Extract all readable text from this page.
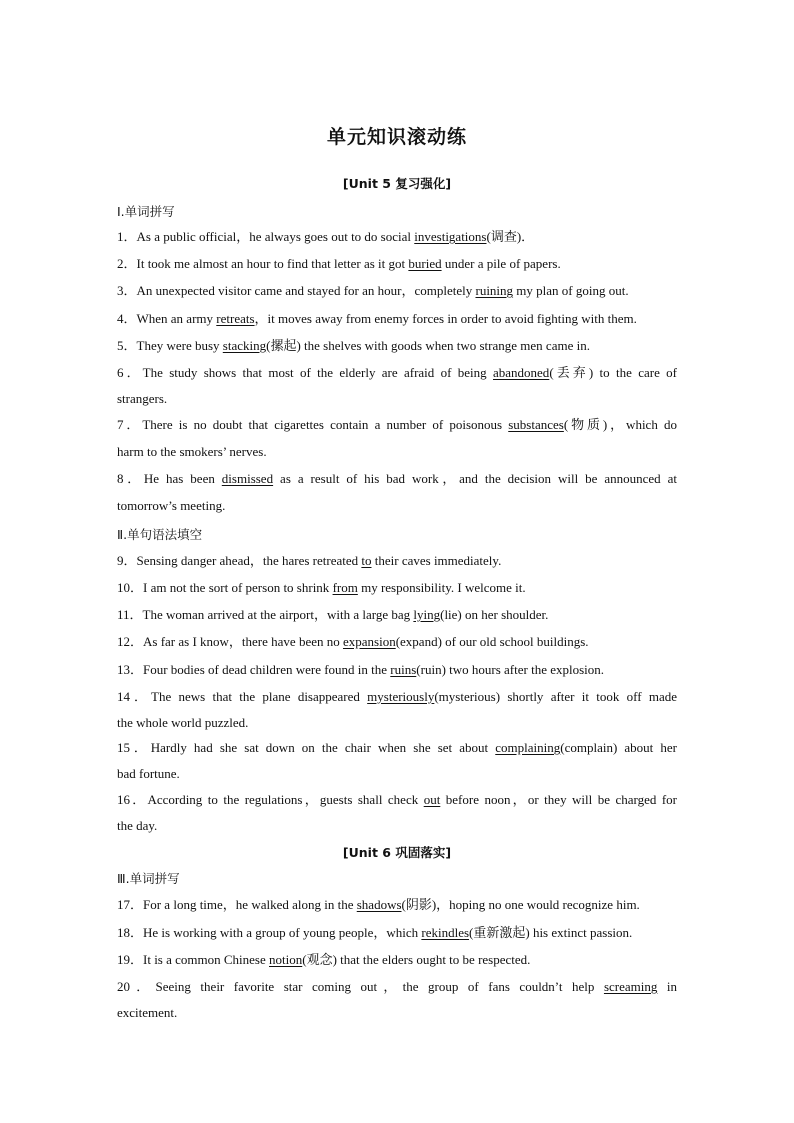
单元知识滚动练
[Unit 5 复习强化]
Ⅰ.单词拼写
1．As a public official，he always goes out to do social investigations(调查)．
2．It took me almost an hour to find that letter as it got buried under a pile of papers.
3．An unexpected visitor came and stayed for an hour，completely ruining my plan of going out.
4．When an army retreats，it moves away from enemy forces in order to avoid fighting with them.
5．They were busy stacking(摞起) the shelves with goods when two strange men came in.
6．The study shows that most of the elderly are afraid of being abandoned(丢弃) to the care of
strangers.
7．There is no doubt that cigarettes contain a number of poisonous substances(物质)，which do
harm to the smokers’ nerves.
8．He has been dismissed as a result of his bad work，and the decision will be announced at
tomorrow’s meeting.
Ⅱ.单句语法填空
9．Sensing danger ahead，the hares retreated to their caves immediately.
10．I am not the sort of person to shrink from my responsibility. I welcome it.
11．The woman arrived at the airport，with a large bag lying(lie) on her shoulder.
12．As far as I know，there have been no expansion(expand) of our old school buildings.
13．Four bodies of dead children were found in the ruins(ruin) two hours after the explosion.
14．The news that the plane disappeared mysteriously(mysterious) shortly after it took off made
the whole world puzzled.
15．Hardly had she sat down on the chair when she set about complaining(complain) about her
bad fortune.
16．According to the regulations，guests shall check out before noon，or they will be charged for
the day.
[Unit 6 巩固落实]
Ⅲ.单词拼写
17．For a long time，he walked along in the shadows(阴影)，hoping no one would recognize him.
18．He is working with a group of young people，which rekindles(重新激起) his extinct passion.
19．It is a common Chinese notion(观念) that the elders ought to be respected.
20．Seeing their favorite star coming out，the group of fans couldn’t help screaming in
excitement.
